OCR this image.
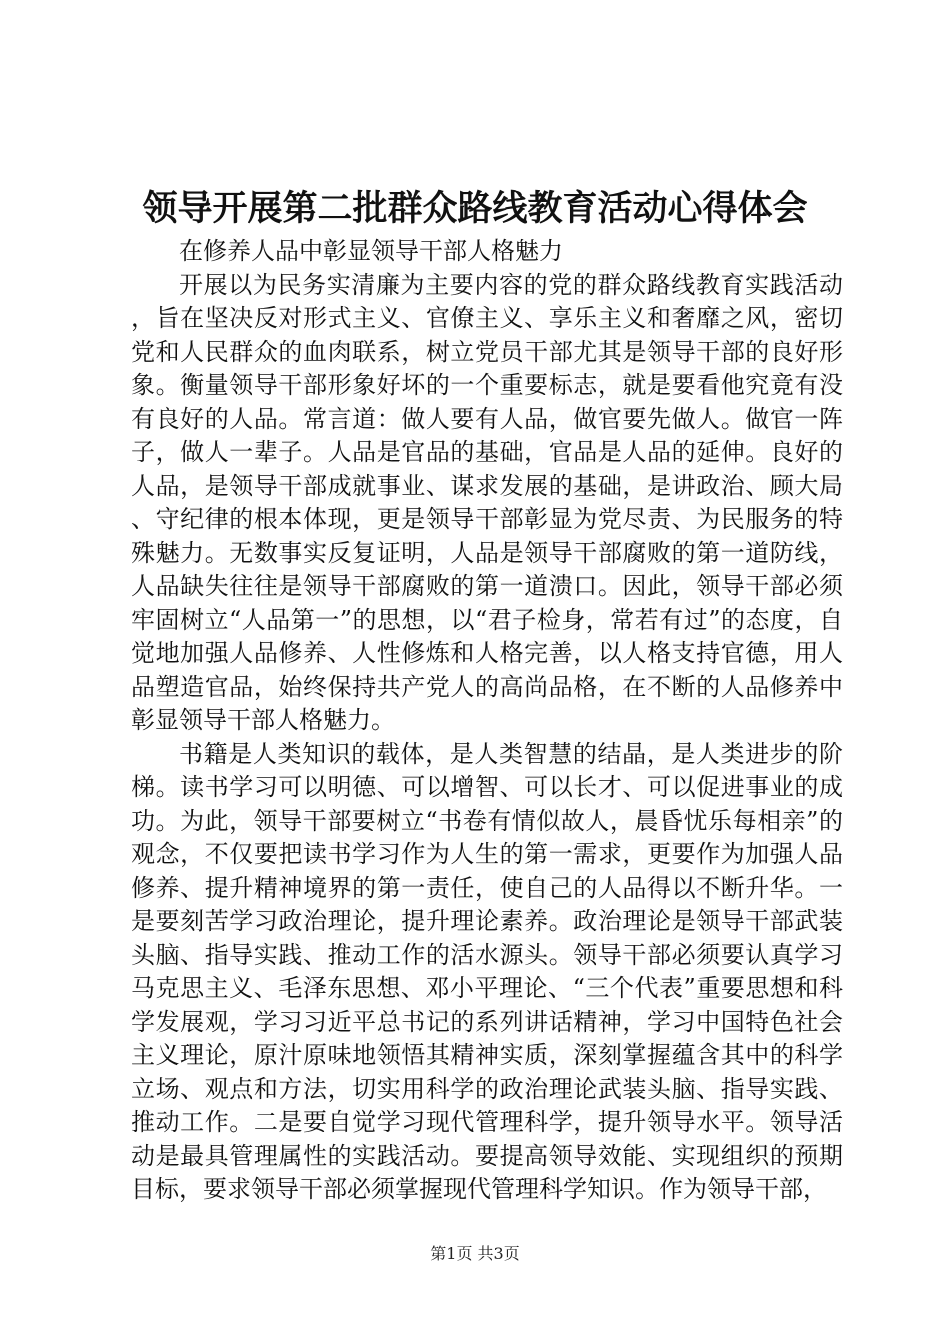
领导开展第二批群众路线教育活动心得体会

在修养人品中彰显领导干部人格魅力

开展以为民务实清廉为主要内容的党的群众路线教育实践活动，旨在坚决反对形式主义、官僚主义、享乐主义和奢靡之风，密切党和人民群众的血肉联系，树立党员干部尤其是领导干部的良好形象。衡量领导干部形象好坏的一个重要标志，就是要看他究竟有没有良好的人品。常言道：做人要有人品，做官要先做人。做官一阵子，做人一辈子。人品是官品的基础，官品是人品的延伸。良好的人品，是领导干部成就事业、谋求发展的基础，是讲政治、顾大局、守纪律的根本体现，更是领导干部彰显为党尽责、为民服务的特殊魅力。无数事实反复证明，人品是领导干部腐败的第一道防线，人品缺失往往是领导干部腐败的第一道溃口。因此，领导干部必须牢固树立“人品第一”的思想，以“君子检身，常若有过”的态度，自觉地加强人品修养、人性修炼和人格完善，以人格支持官德，用人品塑造官品，始终保持共产党人的高尚品格，在不断的人品修养中彰显领导干部人格魅力。

书籍是人类知识的载体，是人类智慧的结晶，是人类进步的阶梯。读书学习可以明德、可以增智、可以长才、可以促进事业的成功。为此，领导干部要树立“书卷有情似故人，晨昏忧乐每相亲”的观念，不仅要把读书学习作为人生的第一需求，更要作为加强人品修养、提升精神境界的第一责任，使自己的人品得以不断升华。一是要刻苦学习政治理论，提升理论素养。政治理论是领导干部武装头脑、指导实践、推动工作的活水源头。领导干部必须要认真学习马克思主义、毛泽东思想、邓小平理论、“三个代表”重要思想和科学发展观，学习习近平总书记的系列讲话精神，学习中国特色社会主义理论，原汁原味地领悟其精神实质，深刻掌握蕴含其中的科学立场、观点和方法，切实用科学的政治理论武装头脑、指导实践、推动工作。二是要自觉学习现代管理科学，提升领导水平。领导活动是最具管理属性的实践活动。要提高领导效能、实现组织的预期目标，要求领导干部必须掌握现代管理科学知识。作为领导干部，

第1页 共3页
